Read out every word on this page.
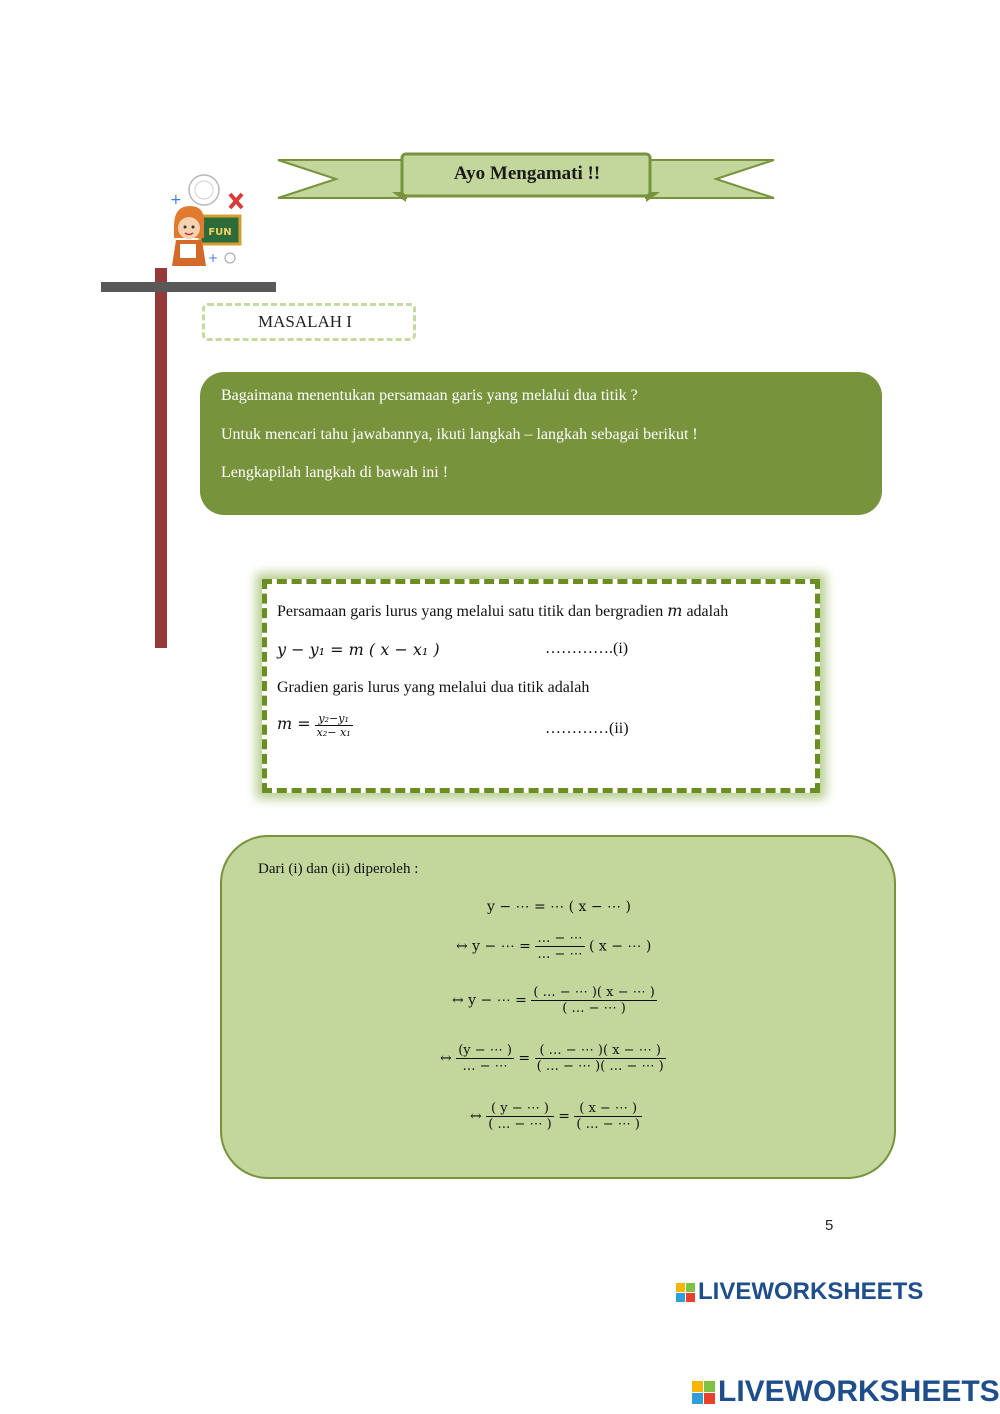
Ayo Mengamati !!
+
+
FUN
MASALAH I

Bagaimana menentukan persamaan garis yang melalui dua titik ?

Untuk mencari tahu jawabannya, ikuti langkah – langkah sebagai berikut !

Lengkapilah langkah di bawah ini !

Persamaan garis lurus yang melalui satu titik dan bergradien m adalah
y − y₁ = m ( x − x₁ )	………….(i)
Gradien garis lurus yang melalui dua titik adalah
$m = \frac{\text{y₂−y₁}}{\text{x₂− x₁}}$	…………(ii)
Dari (i) dan (ii) diperoleh :
y − ⋯ = ⋯ ( x − ⋯ )
↔ y − ⋯ = $\frac{\dots - \cdots}{\dots - \cdots}$ ( x − ⋯ )
↔ y − ⋯ = $\frac{( \dots - \cdots )( x - \cdots )}{( \dots - \cdots )}$
↔ $\frac{(y - \cdots )}{\dots - \cdots} = \frac{( \dots - \cdots )( x - \cdots )}{( \dots - \cdots )( \dots - \cdots )}$
↔ $\frac{( y - \cdots )}{( \dots - \cdots )} = \frac{( x - \cdots )}{( \dots - \cdots )}$
5
LIVEWORKSHEETS
LIVEWORKSHEETS
